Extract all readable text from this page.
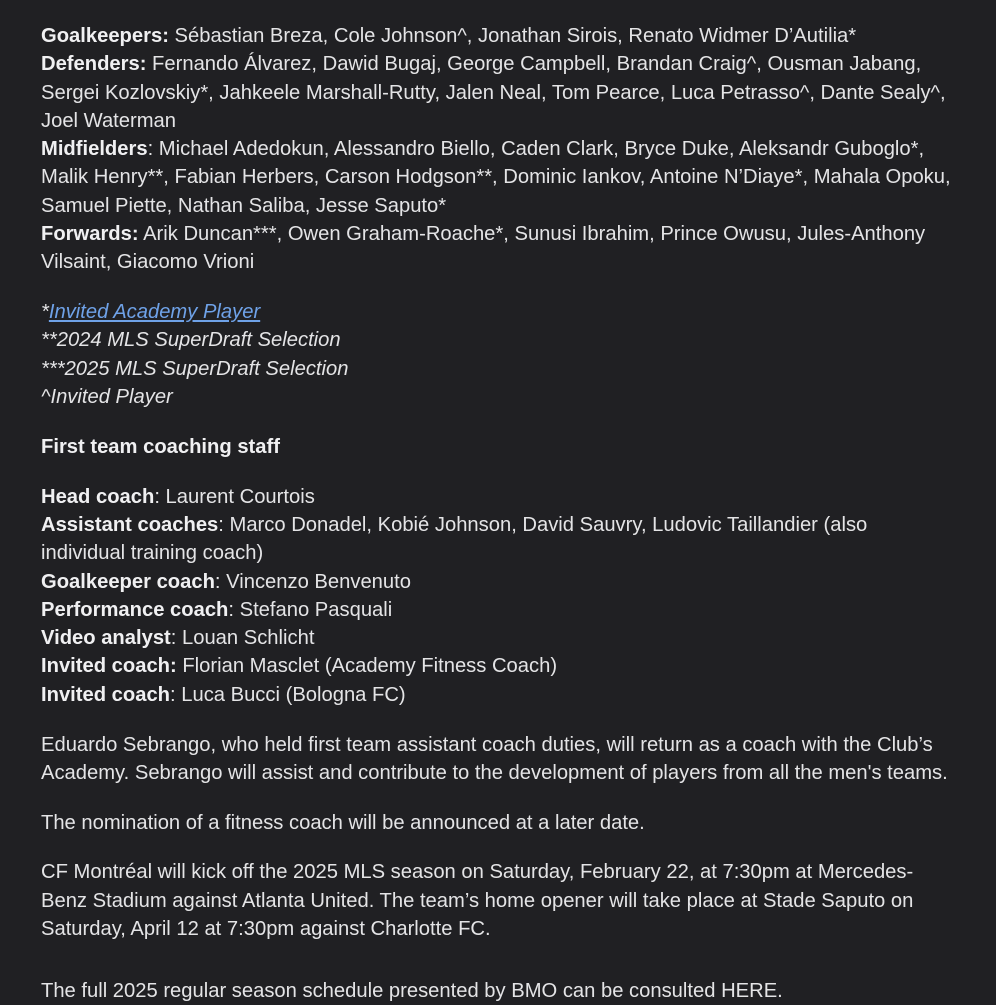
Goalkeepers: Sébastian Breza, Cole Johnson^, Jonathan Sirois, Renato Widmer D’Autilia*

Defenders: Fernando Álvarez, Dawid Bugaj, George Campbell, Brandan Craig^, Ousman Jabang, Sergei Kozlovskiy*, Jahkeele Marshall-Rutty, Jalen Neal, Tom Pearce, Luca Petrasso^, Dante Sealy^, Joel Waterman

Midfielders: Michael Adedokun, Alessandro Biello, Caden Clark, Bryce Duke, Aleksandr Guboglo*, Malik Henry**, Fabian Herbers, Carson Hodgson**, Dominic Iankov, Antoine N’Diaye*, Mahala Opoku, Samuel Piette, Nathan Saliba, Jesse Saputo*

Forwards: Arik Duncan***, Owen Graham-Roache*, Sunusi Ibrahim, Prince Owusu, Jules-Anthony Vilsaint, Giacomo Vrioni

*Invited Academy Player

**2024 MLS SuperDraft Selection

***2025 MLS SuperDraft Selection

^Invited Player

First team coaching staff

Head coach: Laurent Courtois

Assistant coaches: Marco Donadel, Kobié Johnson, David Sauvry, Ludovic Taillandier (also individual training coach)

Goalkeeper coach: Vincenzo Benvenuto

Performance coach: Stefano Pasquali

Video analyst: Louan Schlicht

Invited coach: Florian Masclet (Academy Fitness Coach)

Invited coach: Luca Bucci (Bologna FC)

Eduardo Sebrango, who held first team assistant coach duties, will return as a coach with the Club’s Academy. Sebrango will assist and contribute to the development of players from all the men's teams.

The nomination of a fitness coach will be announced at a later date.

CF Montréal will kick off the 2025 MLS season on Saturday, February 22, at 7:30pm at Mercedes-Benz Stadium against Atlanta United. The team’s home opener will take place at Stade Saputo on Saturday, April 12 at 7:30pm against Charlotte FC.

The full 2025 regular season schedule presented by BMO can be consulted HERE.
